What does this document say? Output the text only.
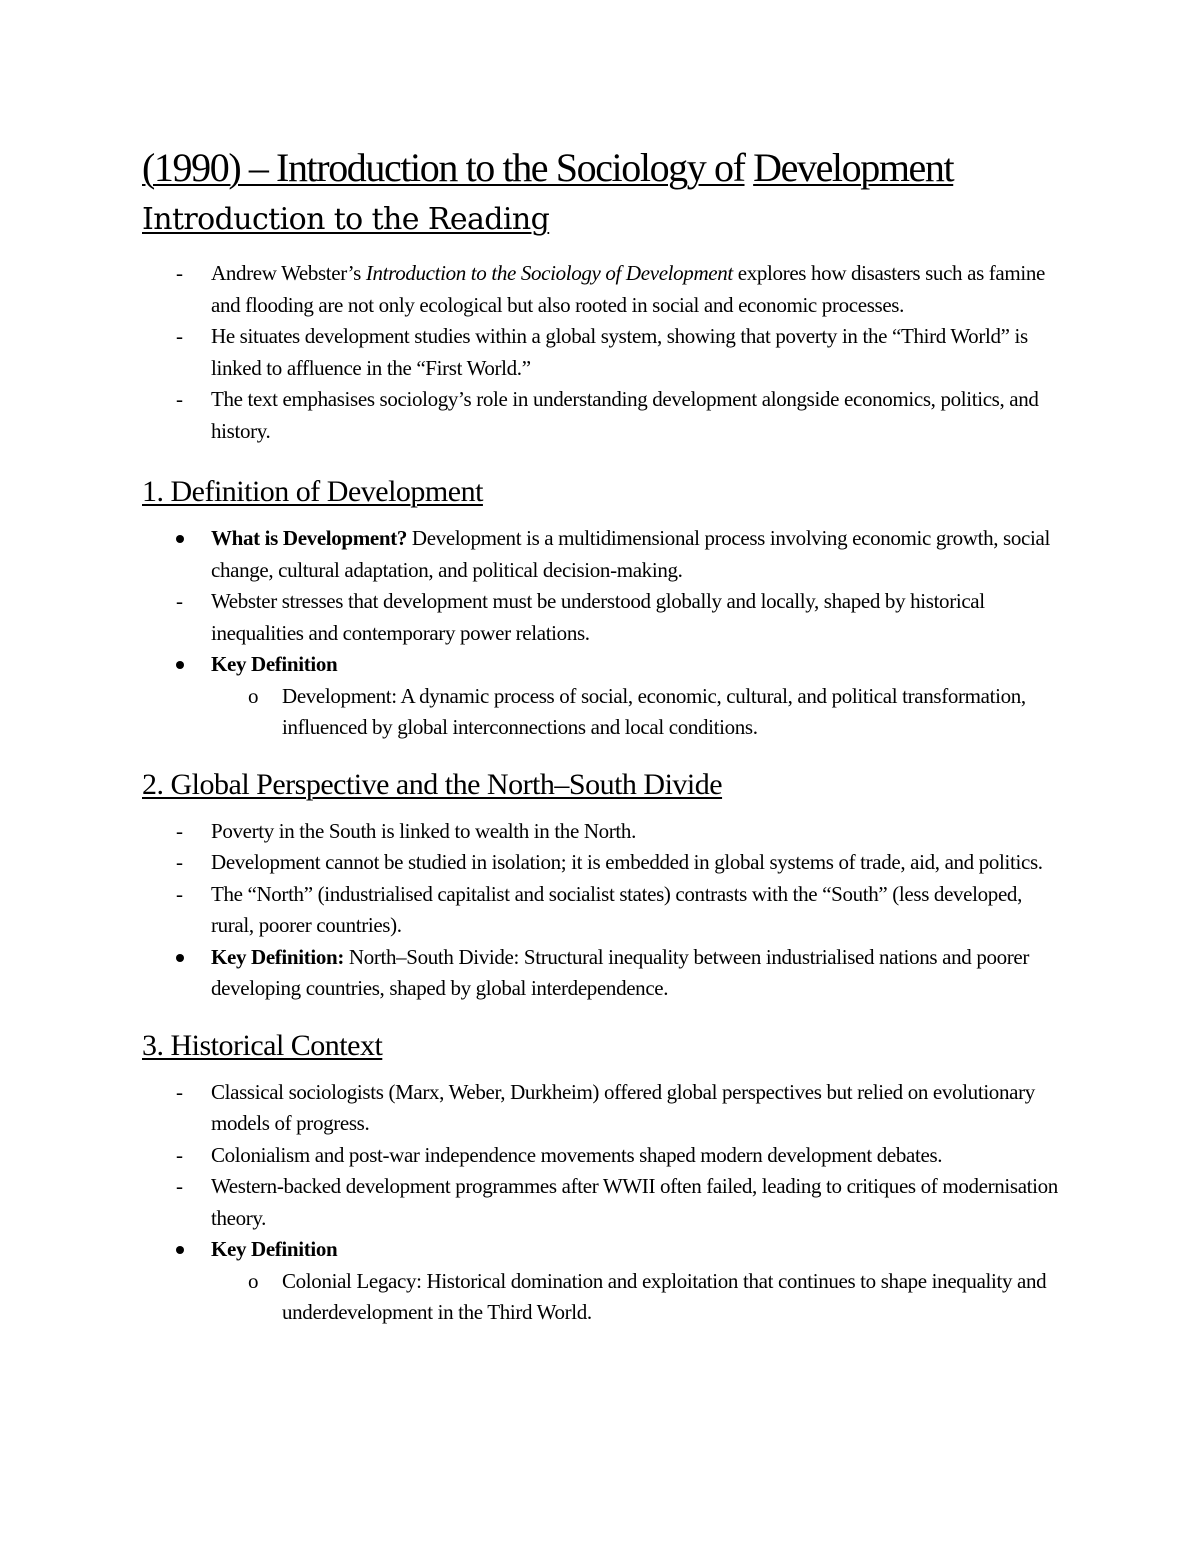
(1990) – Introduction to the Sociology of Development
Introduction to the Reading
-
Andrew Webster’s Introduction to the Sociology of Development explores how disasters such as famine and flooding are not only ecological but also rooted in social and economic processes.
-
He situates development studies within a global system, showing that poverty in the “Third World” is linked to affluence in the “First World.”
-
The text emphasises sociology’s role in understanding development alongside economics, politics, and history.
1. Definition of Development
What is Development? Development is a multidimensional process involving economic growth, social change, cultural adaptation, and political decision-making.
-
Webster stresses that development must be understood globally and locally, shaped by historical inequalities and contemporary power relations.
Key Definition
o
Development: A dynamic process of social, economic, cultural, and political transformation, influenced by global interconnections and local conditions.
2. Global Perspective and the North–South Divide
-
Poverty in the South is linked to wealth in the North.
-
Development cannot be studied in isolation; it is embedded in global systems of trade, aid, and politics.
-
The “North” (industrialised capitalist and socialist states) contrasts with the “South” (less developed, rural, poorer countries).
Key Definition: North–South Divide: Structural inequality between industrialised nations and poorer developing countries, shaped by global interdependence.
3. Historical Context
-
Classical sociologists (Marx, Weber, Durkheim) offered global perspectives but relied on evolutionary models of progress.
-
Colonialism and post-war independence movements shaped modern development debates.
-
Western-backed development programmes after WWII often failed, leading to critiques of modernisation theory.
Key Definition
o
Colonial Legacy: Historical domination and exploitation that continues to shape inequality and underdevelopment in the Third World.
